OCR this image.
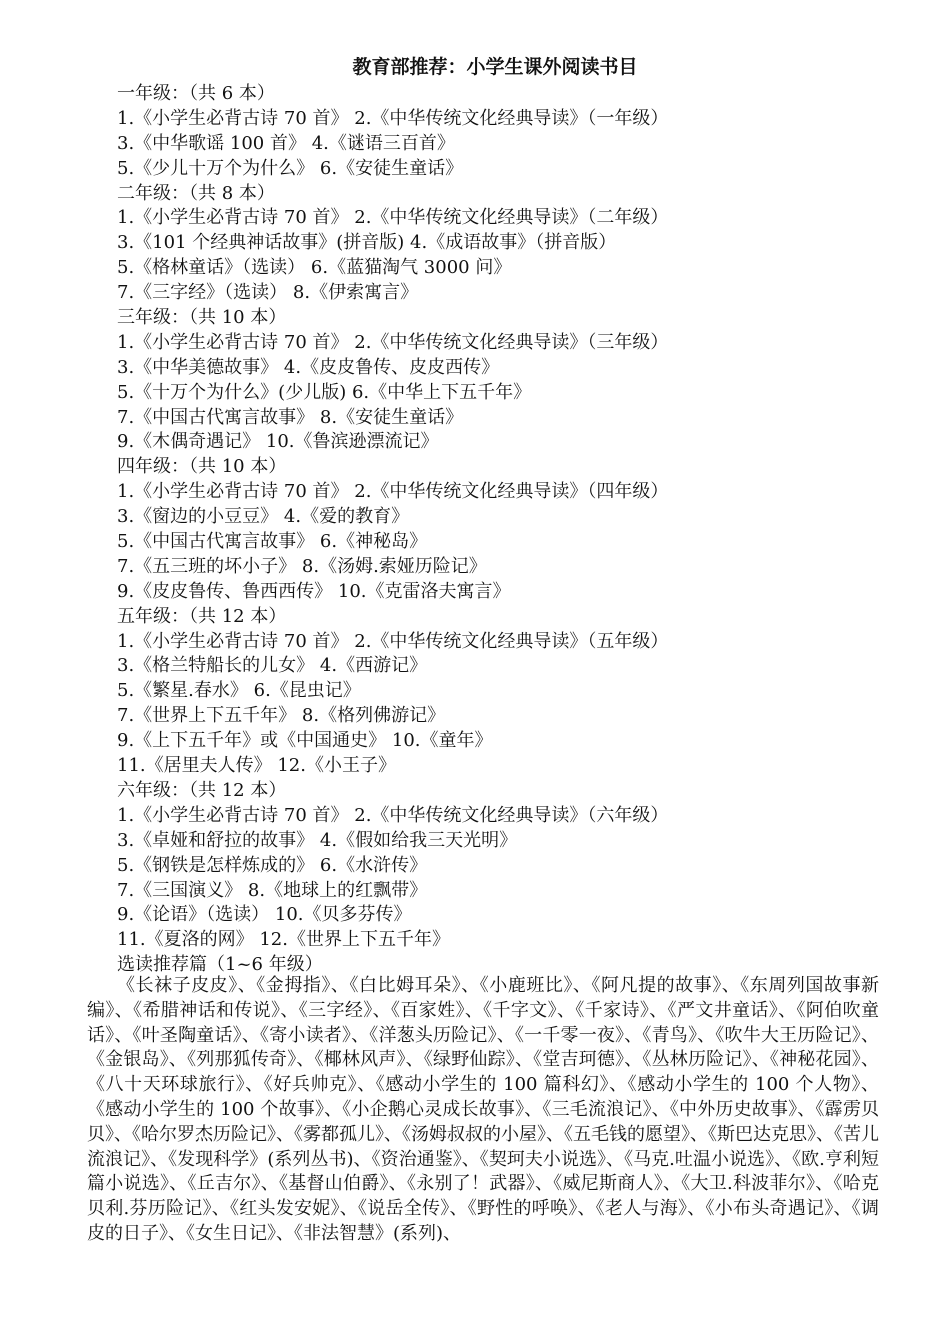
教育部推荐：小学生课外阅读书目
一年级：（共 6 本）
1.《小学生必背古诗 70 首》 2.《中华传统文化经典导读》（一年级）
3.《中华歌谣 100 首》 4.《谜语三百首》
5.《少儿十万个为什么》 6.《安徒生童话》
二年级：（共 8 本）
1.《小学生必背古诗 70 首》 2.《中华传统文化经典导读》（二年级）
3.《101 个经典神话故事》(拼音版) 4.《成语故事》（拼音版）
5.《格林童话》（选读） 6.《蓝猫淘气 3000 问》
7.《三字经》（选读） 8.《伊索寓言》
三年级：（共 10 本）
1.《小学生必背古诗 70 首》 2.《中华传统文化经典导读》（三年级）
3.《中华美德故事》 4.《皮皮鲁传、皮皮西传》
5.《十万个为什么》(少儿版) 6.《中华上下五千年》
7.《中国古代寓言故事》 8.《安徒生童话》
9.《木偶奇遇记》 10.《鲁滨逊漂流记》
四年级：（共 10 本）
1.《小学生必背古诗 70 首》 2.《中华传统文化经典导读》（四年级）
3.《窗边的小豆豆》 4.《爱的教育》
5.《中国古代寓言故事》 6.《神秘岛》
7.《五三班的坏小子》 8.《汤姆.索娅历险记》
9.《皮皮鲁传、鲁西西传》 10.《克雷洛夫寓言》
五年级：（共 12 本）
1.《小学生必背古诗 70 首》 2.《中华传统文化经典导读》（五年级）
3.《格兰特船长的儿女》 4.《西游记》
5.《繁星.春水》 6.《昆虫记》
7.《世界上下五千年》 8.《格列佛游记》
9.《上下五千年》或《中国通史》 10.《童年》
11.《居里夫人传》 12.《小王子》
六年级：（共 12 本）
1.《小学生必背古诗 70 首》 2.《中华传统文化经典导读》（六年级）
3.《卓娅和舒拉的故事》 4.《假如给我三天光明》
5.《钢铁是怎样炼成的》 6.《水浒传》
7.《三国演义》 8.《地球上的红飘带》
9.《论语》（选读） 10.《贝多芬传》
11.《夏洛的网》 12.《世界上下五千年》
选读推荐篇（1~6 年级）
《长袜子皮皮》、《金拇指》、《白比姆耳朵》、《小鹿班比》、《阿凡提的故事》、《东周列国故事新编》、《希腊神话和传说》、《三字经》、《百家姓》、《千字文》、《千家诗》、《严文井童话》、《阿伯吹童话》、《叶圣陶童话》、《寄小读者》、《洋葱头历险记》、《一千零一夜》、《青鸟》、《吹牛大王历险记》、《金银岛》、《列那狐传奇》、《椰林风声》、《绿野仙踪》、《堂吉珂德》、《丛林历险记》、《神秘花园》、《八十天环球旅行》、《好兵帅克》、《感动小学生的 100 篇科幻》、《感动小学生的 100 个人物》、《感动小学生的 100 个故事》、《小企鹅心灵成长故事》、《三毛流浪记》、《中外历史故事》、《霹雳贝贝》、《哈尔罗杰历险记》、《雾都孤儿》、《汤姆叔叔的小屋》、《五毛钱的愿望》、《斯巴达克思》、《苦儿流浪记》、《发现科学》(系列丛书)、《资治通鉴》、《契珂夫小说选》、《马克.吐温小说选》、《欧.亨利短篇小说选》、《丘吉尔》、《基督山伯爵》、《永别了！武器》、《威尼斯商人》、《大卫.科波菲尔》、《哈克贝利.芬历险记》、《红头发安妮》、《说岳全传》、《野性的呼唤》、《老人与海》、《小布头奇遇记》、《调皮的日子》、《女生日记》、《非法智慧》(系列)、
